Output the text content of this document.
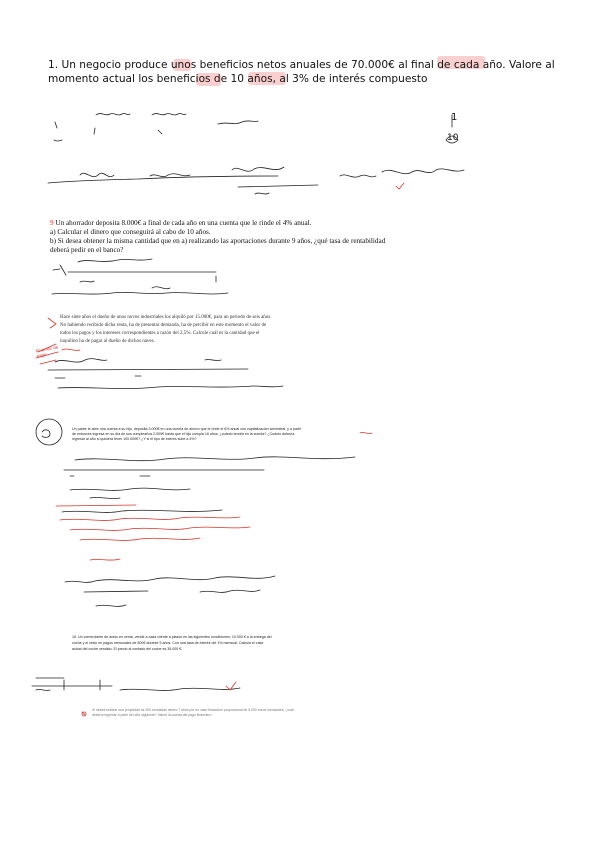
1. Un negocio produce unos beneficios netos anuales de 70.000€ al final de cada año. Valore al momento actual los beneficios de 10 años, al 3% de interés compuesto
9 Un ahorrador deposita 8.000€ a final de cada año en una cuenta que le rinde el 4% anual.
a) Calcular el dinero que conseguirá al cabo de 10 años.
b) Si desea obtener la misma cantidad que en a) realizando las aportaciones durante 9 años, ¿qué tasa de rentabilidad deberá pedir en el banco?
Hace siete años el dueño de unos novos industriales los alquiló por 15.000€, para un periodo de seis años. No habiendo recibido dicha renta, ha de presentar demanda, ha de percibir en este momento el valor de todos los pagos y los intereses correspondientes a razón del 2,5%. Calcule cuál es la cantidad que el inquilino ha de pagar al dueño de dichos naves.
Un padre le abre una cuenta a su hijo, deposita 3.000€ en una cuenta de ahorro que le rinde el 6% anual con capitalización semestral, y a partir de entonces ingresa en su día de sus cumpleaños 2.000€ hasta que el hijo cumpla 18 años, ¿cuánto tendrá en la cuenta? ¿Cuánto debería ingresar al año si quisiera tener 100.000€? ¿Y si el tipo de interés sube a 4%?
15. Un comerciante de autos en venta, vende a cada cliente a plazos en las siguientes condiciones: 10.000 € a la entrega del coche y el resto en pagos mensuales de 500€ durante 5 años. Con una tasa de interés del 1% mensual. Calcula el valor actual del coche vendido. El precio al contado del coche es 35.000 €.
Si desea realizar una propiedad de 300 toneladas dentro 7 años por un valor financiero proporcional de 5.000 euros mensuales, ¿cuál debería ingresar a partir del año siguiente? Valore la cuenta del pago financiero.
1
10
Acuerdo de pago
